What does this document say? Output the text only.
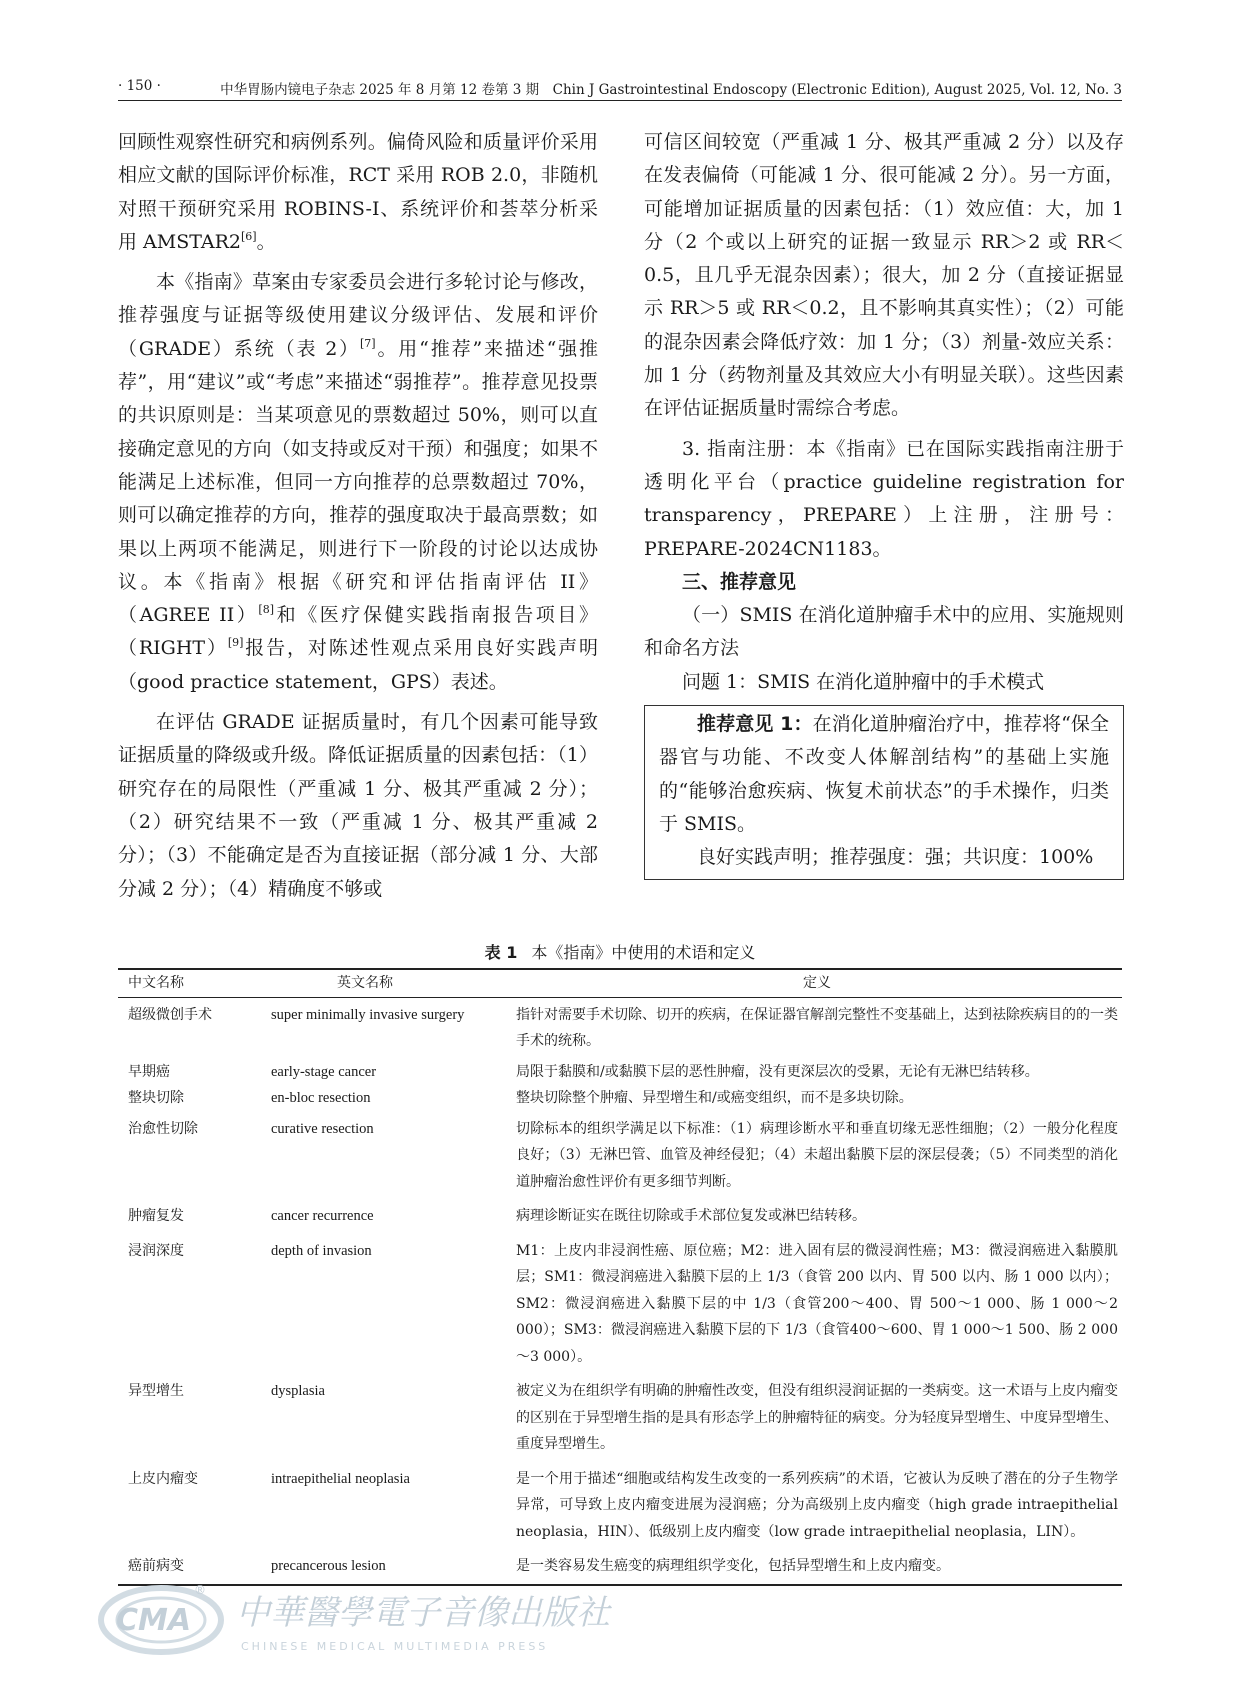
· 150 ·	中华胃肠内镜电子杂志 2025 年 8 月第 12 卷第 3 期　Chin J Gastrointestinal Endoscopy (Electronic Edition), August 2025, Vol. 12, No. 3

回顾性观察性研究和病例系列。偏倚风险和质量评价采用相应文献的国际评价标准，RCT 采用 ROB 2.0，非随机对照干预研究采用 ROBINS-I、系统评价和荟萃分析采用 AMSTAR2[6]。

本《指南》草案由专家委员会进行多轮讨论与修改，推荐强度与证据等级使用建议分级评估、发展和评价（GRADE）系统（表 2）[7]。用“推荐”来描述“强推荐”，用“建议”或“考虑”来描述“弱推荐”。推荐意见投票的共识原则是：当某项意见的票数超过 50%，则可以直接确定意见的方向（如支持或反对干预）和强度；如果不能满足上述标准，但同一方向推荐的总票数超过 70%，则可以确定推荐的方向，推荐的强度取决于最高票数；如果以上两项不能满足，则进行下一阶段的讨论以达成协议。本《指南》根据《研究和评估指南评估 II》（AGREE II）[8]和《医疗保健实践指南报告项目》（RIGHT）[9]报告，对陈述性观点采用良好实践声明（good practice statement，GPS）表述。

在评估 GRADE 证据质量时，有几个因素可能导致证据质量的降级或升级。降低证据质量的因素包括：（1）研究存在的局限性（严重减 1 分、极其严重减 2 分）；（2）研究结果不一致（严重减 1 分、极其严重减 2 分）；（3）不能确定是否为直接证据（部分减 1 分、大部分减 2 分）；（4）精确度不够或

可信区间较宽（严重减 1 分、极其严重减 2 分）以及存在发表偏倚（可能减 1 分、很可能减 2 分）。另一方面，可能增加证据质量的因素包括：（1）效应值：大，加 1 分（2 个或以上研究的证据一致显示 RR＞2 或 RR＜0.5，且几乎无混杂因素）；很大，加 2 分（直接证据显示 RR＞5 或 RR＜0.2，且不影响其真实性）；（2）可能的混杂因素会降低疗效：加 1 分；（3）剂量-效应关系：加 1 分（药物剂量及其效应大小有明显关联）。这些因素在评估证据质量时需综合考虑。

3. 指南注册：本《指南》已在国际实践指南注册于透明化平台（practice guideline registration for transparency，PREPARE）上注册，注册号：PREPARE-2024CN1183。

三、推荐意见

（一）SMIS 在消化道肿瘤手术中的应用、实施规则和命名方法

问题 1：SMIS 在消化道肿瘤中的手术模式

推荐意见 1：在消化道肿瘤治疗中，推荐将“保全器官与功能、不改变人体解剖结构”的基础上实施的“能够治愈疾病、恢复术前状态”的手术操作，归类于 SMIS。

良好实践声明；推荐强度：强；共识度：100%

表 1 本《指南》中使用的术语和定义
中文名称	英文名称	定义
超级微创手术	super minimally invasive surgery	指针对需要手术切除、切开的疾病，在保证器官解剖完整性不变基础上，达到祛除疾病目的的一类手术的统称。
早期癌	early-stage cancer	局限于黏膜和/或黏膜下层的恶性肿瘤，没有更深层次的受累，无论有无淋巴结转移。
整块切除	en-bloc resection	整块切除整个肿瘤、异型增生和/或癌变组织，而不是多块切除。
治愈性切除	curative resection	切除标本的组织学满足以下标准：（1）病理诊断水平和垂直切缘无恶性细胞；（2）一般分化程度良好；（3）无淋巴管、血管及神经侵犯；（4）未超出黏膜下层的深层侵袭；（5）不同类型的消化道肿瘤治愈性评价有更多细节判断。
肿瘤复发	cancer recurrence	病理诊断证实在既往切除或手术部位复发或淋巴结转移。
浸润深度	depth of invasion	M1：上皮内非浸润性癌、原位癌；M2：进入固有层的微浸润性癌；M3：微浸润癌进入黏膜肌层；SM1：微浸润癌进入黏膜下层的上 1/3（食管 200 以内、胃 500 以内、肠 1 000 以内）；SM2：微浸润癌进入黏膜下层的中 1/3（食管200～400、胃 500～1 000、肠 1 000～2 000）；SM3：微浸润癌进入黏膜下层的下 1/3（食管400～600、胃 1 000～1 500、肠 2 000～3 000）。
异型增生	dysplasia	被定义为在组织学有明确的肿瘤性改变，但没有组织浸润证据的一类病变。这一术语与上皮内瘤变的区别在于异型增生指的是具有形态学上的肿瘤特征的病变。分为轻度异型增生、中度异型增生、重度异型增生。
上皮内瘤变	intraepithelial neoplasia	是一个用于描述“细胞或结构发生改变的一系列疾病”的术语，它被认为反映了潜在的分子生物学异常，可导致上皮内瘤变进展为浸润癌；分为高级别上皮内瘤变（high grade intraepithelial neoplasia，HIN）、低级别上皮内瘤变（low grade intraepithelial neoplasia，LIN）。
癌前病变	precancerous lesion	是一类容易发生癌变的病理组织学变化，包括异型增生和上皮内瘤变。
CMA
®
中華醫學電子音像出版社
CHINESE MEDICAL MULTIMEDIA PRESS
